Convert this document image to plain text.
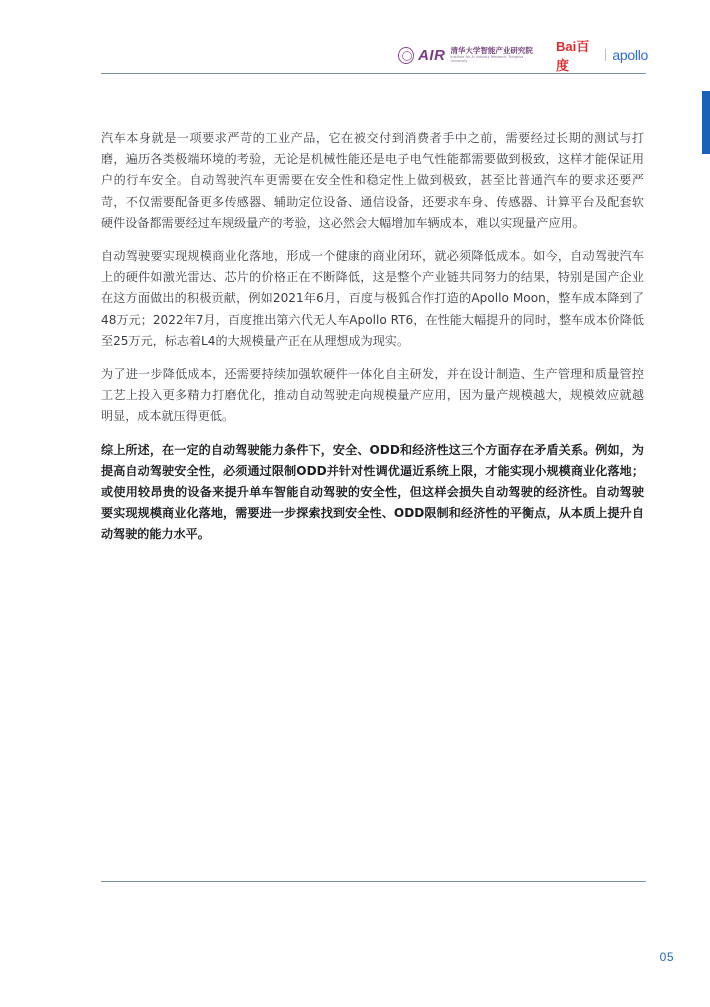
AIR 清华大学智能产业研究院
Institute for AI Industry Research, Tsinghua University
Bai百度
apollo

汽车本身就是一项要求严苛的工业产品，它在被交付到消费者手中之前，需要经过长期的测试与打磨，遍历各类极端环境的考验，无论是机械性能还是电子电气性能都需要做到极致，这样才能保证用户的行车安全。自动驾驶汽车更需要在安全性和稳定性上做到极致，甚至比普通汽车的要求还要严苛，不仅需要配备更多传感器、辅助定位设备、通信设备，还要求车身、传感器、计算平台及配套软硬件设备都需要经过车规级量产的考验，这必然会大幅增加车辆成本，难以实现量产应用。

自动驾驶要实现规模商业化落地，形成一个健康的商业闭环，就必须降低成本。如今，自动驾驶汽车上的硬件如激光雷达、芯片的价格正在不断降低，这是整个产业链共同努力的结果，特别是国产企业在这方面做出的积极贡献，例如2021年6月，百度与极狐合作打造的Apollo Moon，整车成本降到了48万元；2022年7月，百度推出第六代无人车Apollo RT6，在性能大幅提升的同时，整车成本价降低至25万元，标志着L4的大规模量产正在从理想成为现实。

为了进一步降低成本，还需要持续加强软硬件一体化自主研发，并在设计制造、生产管理和质量管控工艺上投入更多精力打磨优化，推动自动驾驶走向规模量产应用，因为量产规模越大，规模效应就越明显，成本就压得更低。

综上所述，在一定的自动驾驶能力条件下，安全、ODD和经济性这三个方面存在矛盾关系。例如，为提高自动驾驶安全性，必须通过限制ODD并针对性调优逼近系统上限，才能实现小规模商业化落地；或使用较昂贵的设备来提升单车智能自动驾驶的安全性，但这样会损失自动驾驶的经济性。自动驾驶要实现规模商业化落地，需要进一步探索找到安全性、ODD限制和经济性的平衡点，从本质上提升自动驾驶的能力水平。

05
